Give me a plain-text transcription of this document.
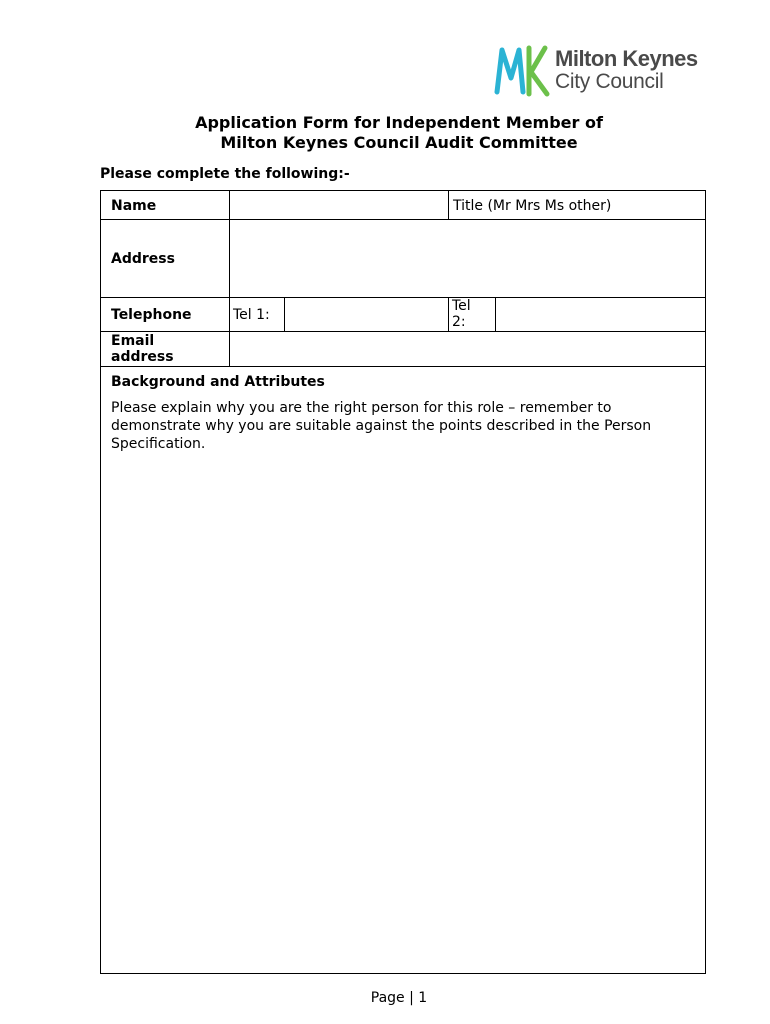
Milton Keynes
City Council
Application Form for Independent Member of
Milton Keynes Council Audit Committee
Please complete the following:-
Name	Title (Mr Mrs Ms other)
Address
Telephone	Tel 1:
Tel
2:
Email
address
Background and Attributes
Please explain why you are the right person for this role – remember to demonstrate why you are suitable against the points described in the Person Specification.
Page | 1
